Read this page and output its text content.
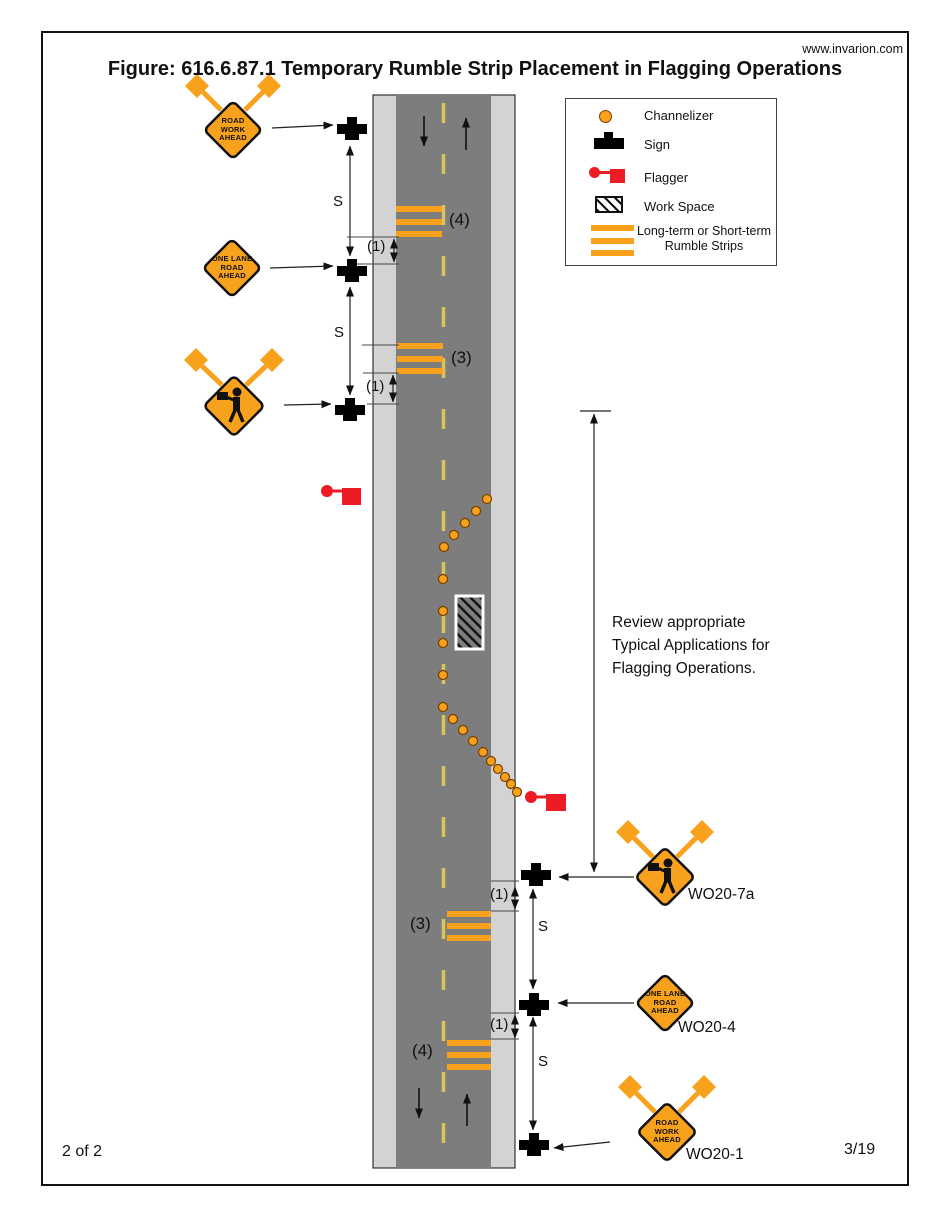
Figure: 616.6.87.1 Temporary Rumble Strip Placement in Flagging Operations
www.invarion.com
Channelizer
Sign
Flagger
Work Space
Long-term or Short-term
Rumble Strips
ROAD
WORK
AHEAD
ONE LANE
ROAD
AHEAD
ONE LANE
ROAD
AHEAD
ROAD
WORK
AHEAD
WO20-7a
WO20-4
WO20-1
(4)
(3)
(3)
(4)
S
S
S
S
(1)
(1)
(1)
(1)
Review appropriate
Typical Applications for
Flagging Operations.
2 of 2	3/19
